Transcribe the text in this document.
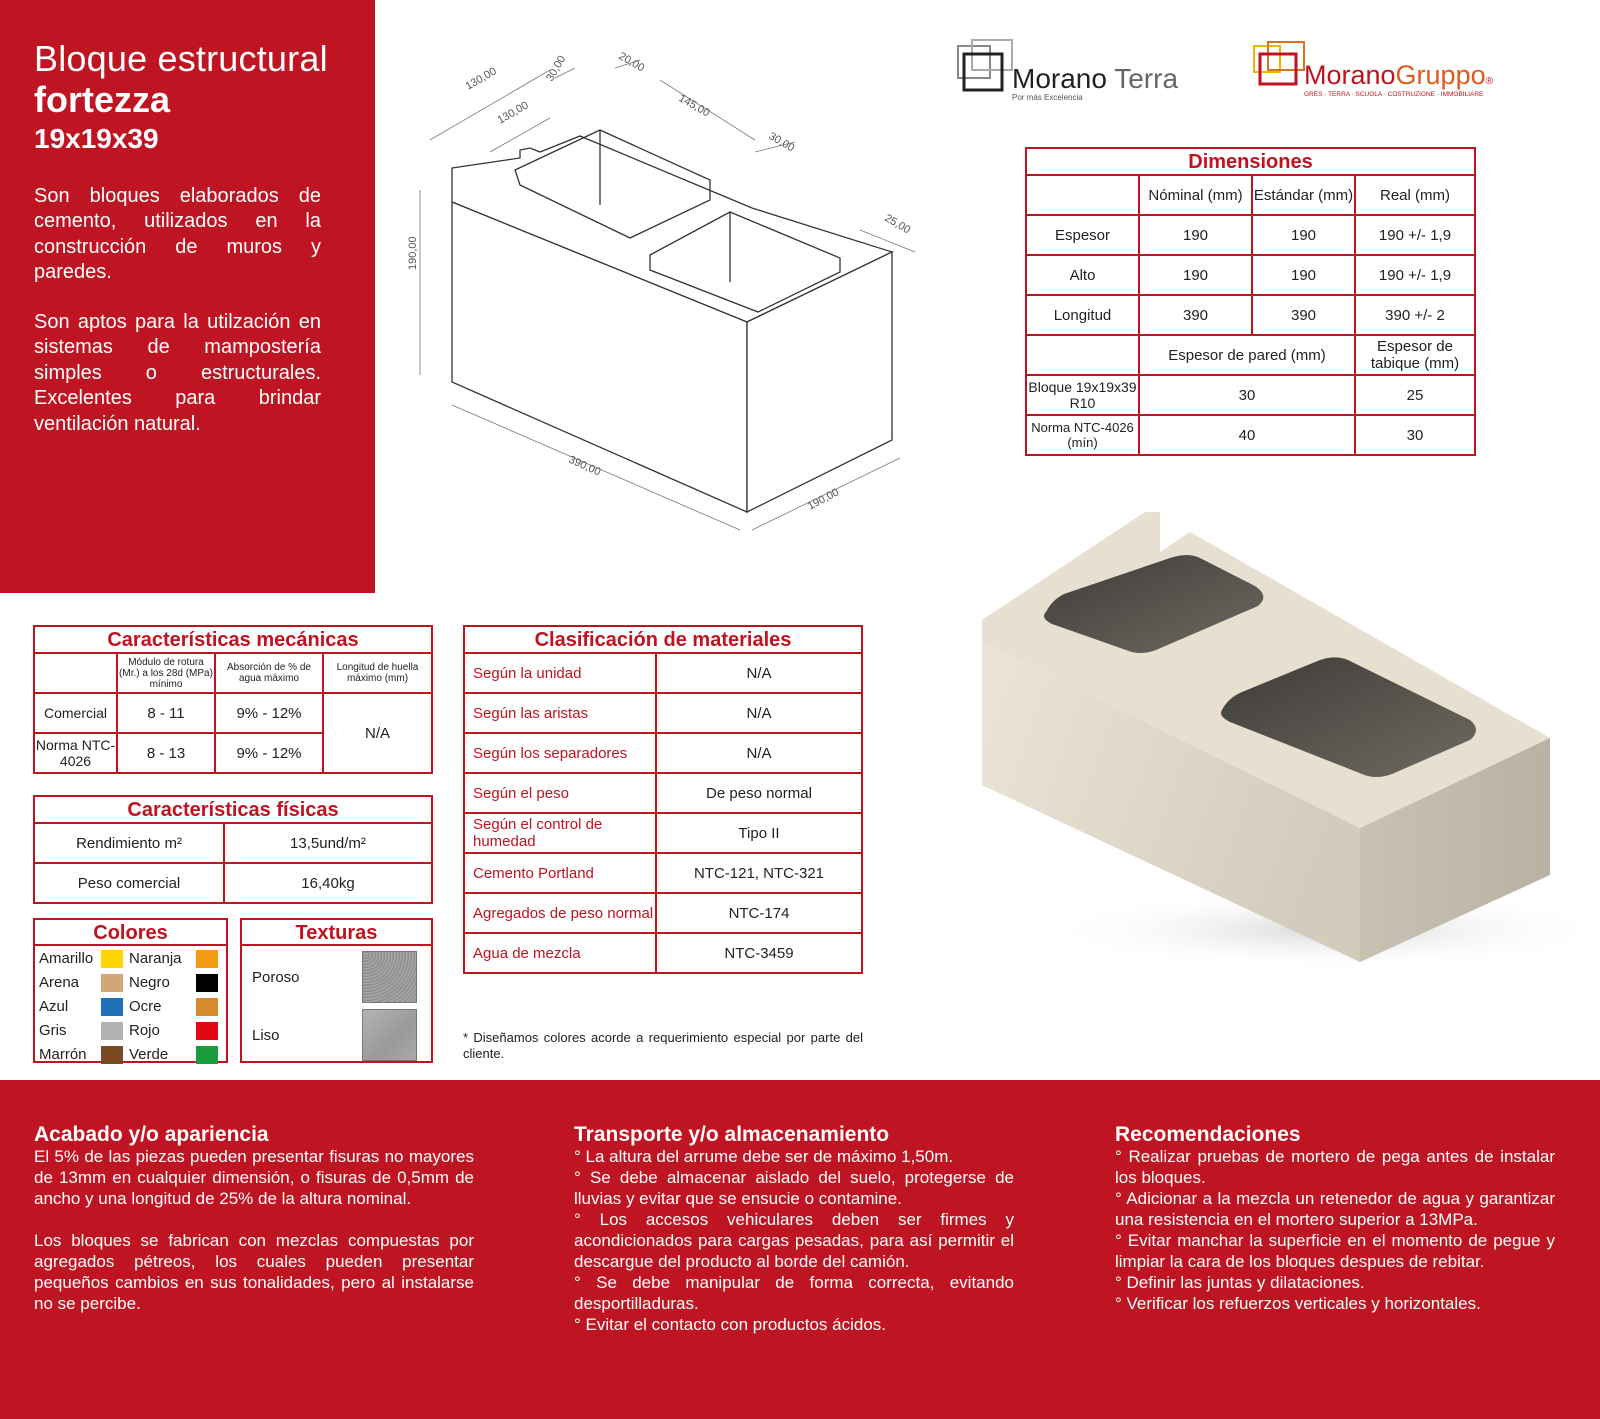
Bloque estructural
fortezza
19x19x39

Son bloques elaborados de cemento, utilizados en la construcción de muros y paredes.

Son aptos para la utilzación en sistemas de mampostería simples o estructurales. Excelentes para brindar ventilación natural.

130,00
130,00
30,00	20,00
145,00
30,00
25,00
190,00
390,00
190,00
Morano Terra
Por más Excelencia
MoranoGruppo®
GRES · TERRA · SCUOLA · COSTRUZIONE · IMMOBILIARE
Dimensiones			
	Nóminal (mm)	Estándar (mm)	Real (mm)
Espesor	190	190	190 +/- 1,9
Alto	190	190	190 +/- 1,9
Longitud	390	390	390 +/- 2
	Espesor de pared (mm)		Espesor de tabique (mm)
Bloque 19x19x39 R10	30		25
Norma NTC-4026 (mín)	40		30
Características mecánicas			
	Módulo de rotura (Mr.) a los 28d (MPa) mínimo	Absorción de % de agua máximo	Longitud de huella máximo (mm)
Comercial	8 - 11	9% - 12%	N/A
Norma NTC-4026	8 - 13	9% - 12%	
Características físicas	
Rendimiento m²	13,5und/m²
Peso comercial	16,40kg
Clasificación de materiales	
Según la unidad	N/A
Según las aristas	N/A
Según los separadores	N/A
Según el peso	De peso normal
Según el control de humedad	Tipo II
Cemento Portland	NTC-121, NTC-321
Agregados de peso normal	NTC-174
Agua de mezcla	NTC-3459
Colores
Amarillo	Naranja
Arena	Negro
Azul	Ocre
Gris	Rojo
Marrón	Verde
Texturas
Poroso
Liso	* Diseñamos colores acorde a requerimiento especial por parte del cliente.
Acabado y/o apariencia

El 5% de las piezas pueden presentar fisuras no mayores de 13mm en cualquier dimensión, o fisuras de 0,5mm de ancho y una longitud de 25% de la altura nominal.

Los bloques se fabrican con mezclas compuestas por agregados pétreos, los cuales pueden presentar pequeños cambios en sus tonalidades, pero al instalarse no se percibe.

Transporte y/o almacenamiento

° La altura del arrume debe ser de máximo 1,50m.

° Se debe almacenar aislado del suelo, protegerse de lluvias y evitar que se ensucie o contamine.

° Los accesos vehiculares deben ser firmes y acondicionados para cargas pesadas, para así permitir el descargue del producto al borde del camión.

° Se debe manipular de forma correcta, evitando desportilladuras.

° Evitar el contacto con productos ácidos.

Recomendaciones

° Realizar pruebas de mortero de pega antes de instalar los bloques.

° Adicionar a la mezcla un retenedor de agua y garantizar una resistencia en el mortero superior a 13MPa.

° Evitar manchar la superficie en el momento de pegue y limpiar la cara de los bloques despues de rebitar.

° Definir las juntas y dilataciones.

° Verificar los refuerzos verticales y horizontales.
